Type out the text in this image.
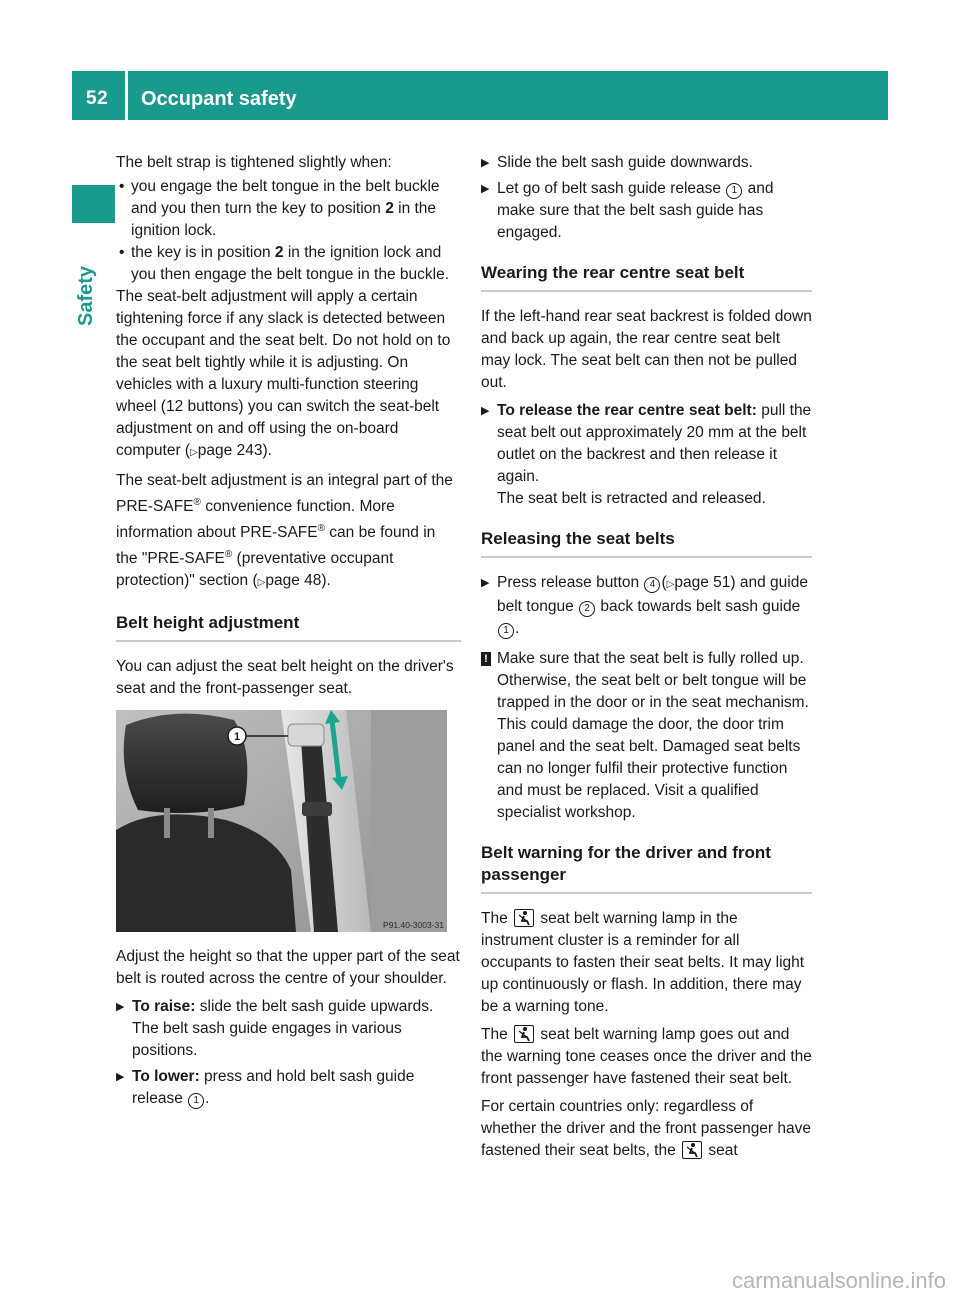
52 Occupant safety
Safety

The belt strap is tightened slightly when:

• you engage the belt tongue in the belt buckle and you then turn the key to position 2 in the ignition lock.
• the key is in position 2 in the ignition lock and you then engage the belt tongue in the buckle.

The seat-belt adjustment will apply a certain tightening force if any slack is detected between the occupant and the seat belt. Do not hold on to the seat belt tightly while it is adjusting. On vehicles with a luxury multi-function steering wheel (12 buttons) you can switch the seat-belt adjustment on and off using the on-board computer (▷page 243).

The seat-belt adjustment is an integral part of the PRE-SAFE® convenience function. More information about PRE-SAFE® can be found in the "PRE-SAFE® (preventative occupant protection)" section (▷page 48).

Belt height adjustment

You can adjust the seat belt height on the driver's seat and the front-passenger seat.

1
P91.40-3003-31

Adjust the height so that the upper part of the seat belt is routed across the centre of your shoulder.

▶ To raise: slide the belt sash guide upwards. The belt sash guide engages in various positions.
▶ To lower: press and hold belt sash guide release 1 .
▶ Slide the belt sash guide downwards.
▶ Let go of belt sash guide release 1 and make sure that the belt sash guide has engaged.
Wearing the rear centre seat belt

If the left-hand rear seat backrest is folded down and back up again, the rear centre seat belt may lock. The seat belt can then not be pulled out.

▶ To release the rear centre seat belt: pull the seat belt out approximately 20 mm at the belt outlet on the backrest and then release it again.
The seat belt is retracted and released.
Releasing the seat belts
▶ Press release button 4 (▷page 51) and guide belt tongue 2 back towards belt sash guide 1 .
! Make sure that the seat belt is fully rolled up. Otherwise, the seat belt or belt tongue will be trapped in the door or in the seat mechanism. This could damage the door, the door trim panel and the seat belt. Damaged seat belts can no longer fulfil their protective function and must be replaced. Visit a qualified specialist workshop.
Belt warning for the driver and front passenger

The  seat belt warning lamp in the instrument cluster is a reminder for all occupants to fasten their seat belts. It may light up continuously or flash. In addition, there may be a warning tone.

The  seat belt warning lamp goes out and the warning tone ceases once the driver and the front passenger have fastened their seat belt.

For certain countries only: regardless of whether the driver and the front passenger have fastened their seat belts, the  seat

carmanualsonline.info
